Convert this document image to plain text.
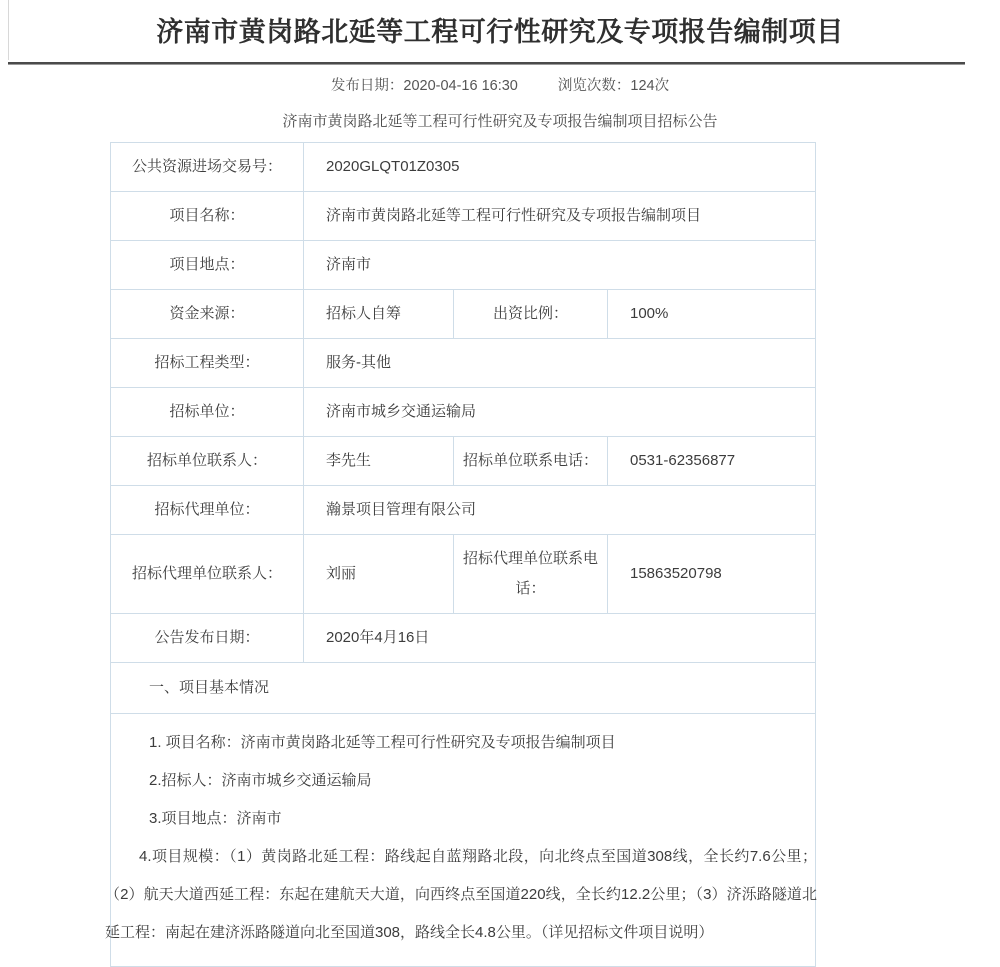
济南市黄岗路北延等工程可行性研究及专项报告编制项目
发布日期：2020-04-16 16:30	浏览次数：124次
济南市黄岗路北延等工程可行性研究及专项报告编制项目招标公告
公共资源进场交易号：	2020GLQT01Z0305		

项目名称：	济南市黄岗路北延等工程可行性研究及专项报告编制项目		

项目地点：	济南市		

资金来源：	招标人自筹	出资比例：	100%

招标工程类型：	服务-其他		

招标单位：	济南市城乡交通运输局		

招标单位联系人：	李先生	招标单位联系电话：	0531-62356877

招标代理单位：	瀚景项目管理有限公司		

招标代理单位联系人：	刘丽	招标代理单位联系电话：	15863520798

公告发布日期：	2020年4月16日		

一、项目基本情况			

1. 项目名称：济南市黄岗路北延等工程可行性研究及专项报告编制项目

2.招标人：济南市城乡交通运输局

3.项目地点：济南市

4.项目规模：（1）黄岗路北延工程：路线起自蓝翔路北段，向北终点至国道308线，全长约7.6公里；（2）航天大道西延工程：东起在建航天大道，向西终点至国道220线，全长约12.2公里；（3）济泺路隧道北延工程：南起在建济泺路隧道向北至国道308，路线全长4.8公里。（详见招标文件项目说明）			
